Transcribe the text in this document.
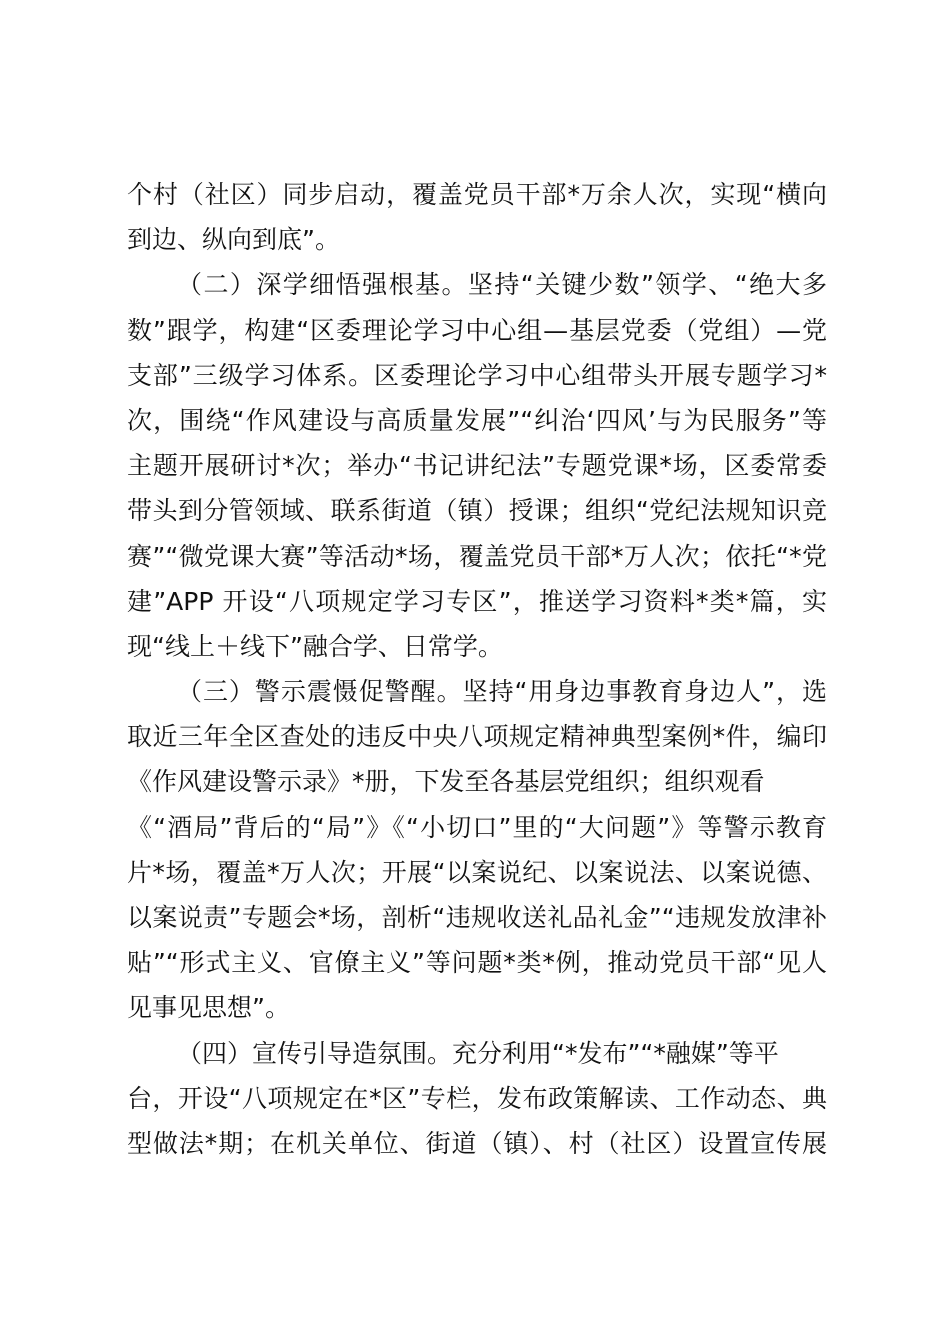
个村（社区）同步启动，覆盖党员干部*万余人次，实现“横向
到边、纵向到底”。
（二）深学细悟强根基。坚持“关键少数”领学、“绝大多
数”跟学，构建“区委理论学习中心组—基层党委（党组）—党
支部”三级学习体系。区委理论学习中心组带头开展专题学习*
次，围绕“作风建设与高质量发展”“纠治‘四风’与为民服务”等
主题开展研讨*次；举办“书记讲纪法”专题党课*场，区委常委
带头到分管领域、联系街道（镇）授课；组织“党纪法规知识竞
赛”“微党课大赛”等活动*场，覆盖党员干部*万人次；依托“*党
建”APP 开设“八项规定学习专区”，推送学习资料*类*篇，实
现“线上＋线下”融合学、日常学。
（三）警示震慑促警醒。坚持“用身边事教育身边人”，选
取近三年全区查处的违反中央八项规定精神典型案例*件，编印
《作风建设警示录》*册，下发至各基层党组织；组织观看
《“酒局”背后的“局”》《“小切口”里的“大问题”》等警示教育
片*场，覆盖*万人次；开展“以案说纪、以案说法、以案说德、
以案说责”专题会*场，剖析“违规收送礼品礼金”“违规发放津补
贴”“形式主义、官僚主义”等问题*类*例，推动党员干部“见人
见事见思想”。
（四）宣传引导造氛围。充分利用“*发布”“*融媒”等平
台，开设“八项规定在*区”专栏，发布政策解读、工作动态、典
型做法*期；在机关单位、街道（镇）、村（社区）设置宣传展
